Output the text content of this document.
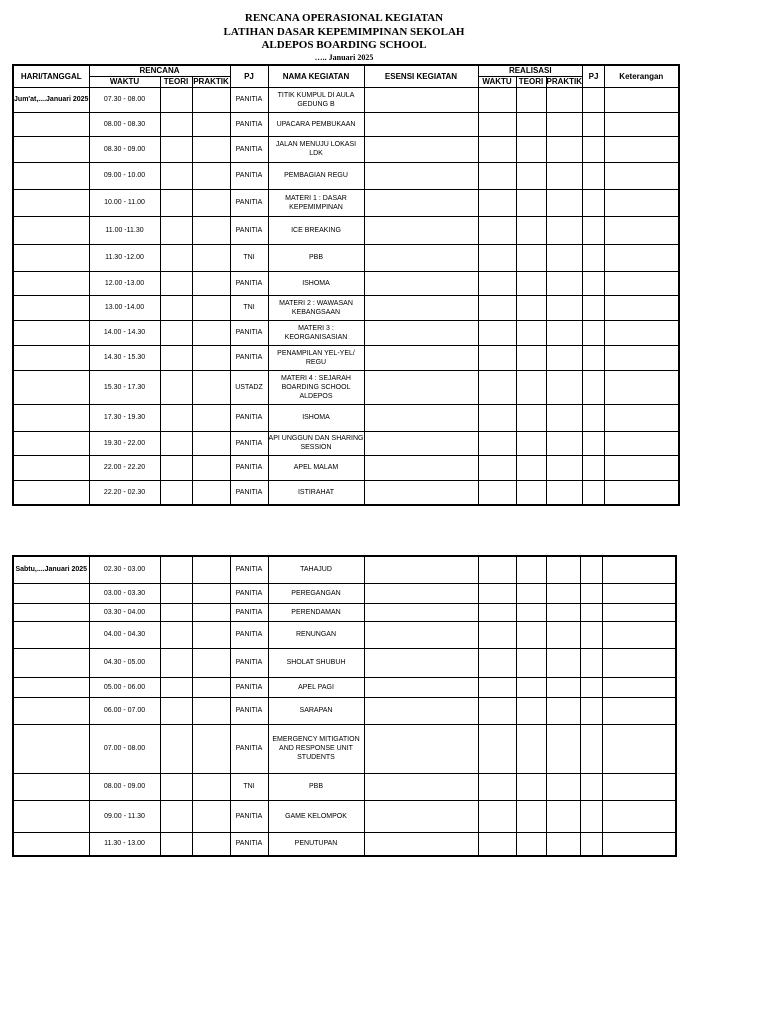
RENCANA OPERASIONAL KEGIATAN
LATIHAN DASAR KEPEMIMPINAN SEKOLAH
ALDEPOS BOARDING SCHOOL
….. Januari 2025
HARI/TANGGAL	RENCANA			PJ	NAMA KEGIATAN	ESENSI KEGIATAN	REALISASI			PJ	Keterangan
	WAKTU	TEORI	PRAKTIK				WAKTU	TEORI	PRAKTIK		
Jum'at,....Januari 2025	07.30 - 08.00			PANITIA	TITIK KUMPUL DI AULA GEDUNG B						
	08.00 - 08.30			PANITIA	UPACARA PEMBUKAAN						
	08.30 - 09.00			PANITIA	JALAN MENUJU LOKASI LDK						
	09.00 - 10.00			PANITIA	PEMBAGIAN REGU						
	10.00 - 11.00			PANITIA	MATERI 1 : DASAR KEPEMIMPINAN						
	11.00 -11.30			PANITIA	ICE BREAKING						
	11.30 -12.00			TNI	PBB						
	12.00 -13.00			PANITIA	ISHOMA						
	13.00 -14.00			TNI	MATERI 2 : WAWASAN KEBANGSAAN						
	14.00 - 14.30			PANITIA	MATERI 3 : KEORGANISASIAN						
	14.30 - 15.30			PANITIA	PENAMPILAN YEL-YEL/ REGU						
	15.30 - 17.30			USTADZ	MATERI 4 : SEJARAH BOARDING SCHOOL ALDEPOS						
	17.30 - 19.30			PANITIA	ISHOMA						
	19.30 - 22.00			PANITIA	API UNGGUN DAN SHARING SESSION						
	22.00 - 22.20			PANITIA	APEL MALAM						
	22.20 - 02.30			PANITIA	ISTIRAHAT						
Sabtu,....Januari 2025	02.30 - 03.00			PANITIA	TAHAJUD						
	03.00 - 03.30			PANITIA	PEREGANGAN						
	03.30 - 04.00			PANITIA	PERENDAMAN						
	04.00 - 04.30			PANITIA	RENUNGAN						
	04.30 - 05.00			PANITIA	SHOLAT SHUBUH						
	05.00 - 06.00			PANITIA	APEL PAGI						
	06.00 - 07.00			PANITIA	SARAPAN						
	07.00 - 08.00			PANITIA	EMERGENCY MITIGATION AND RESPONSE UNIT STUDENTS						
	08.00 - 09.00			TNI	PBB						
	09.00 - 11.30			PANITIA	GAME KELOMPOK						
	11.30 - 13.00			PANITIA	PENUTUPAN						
